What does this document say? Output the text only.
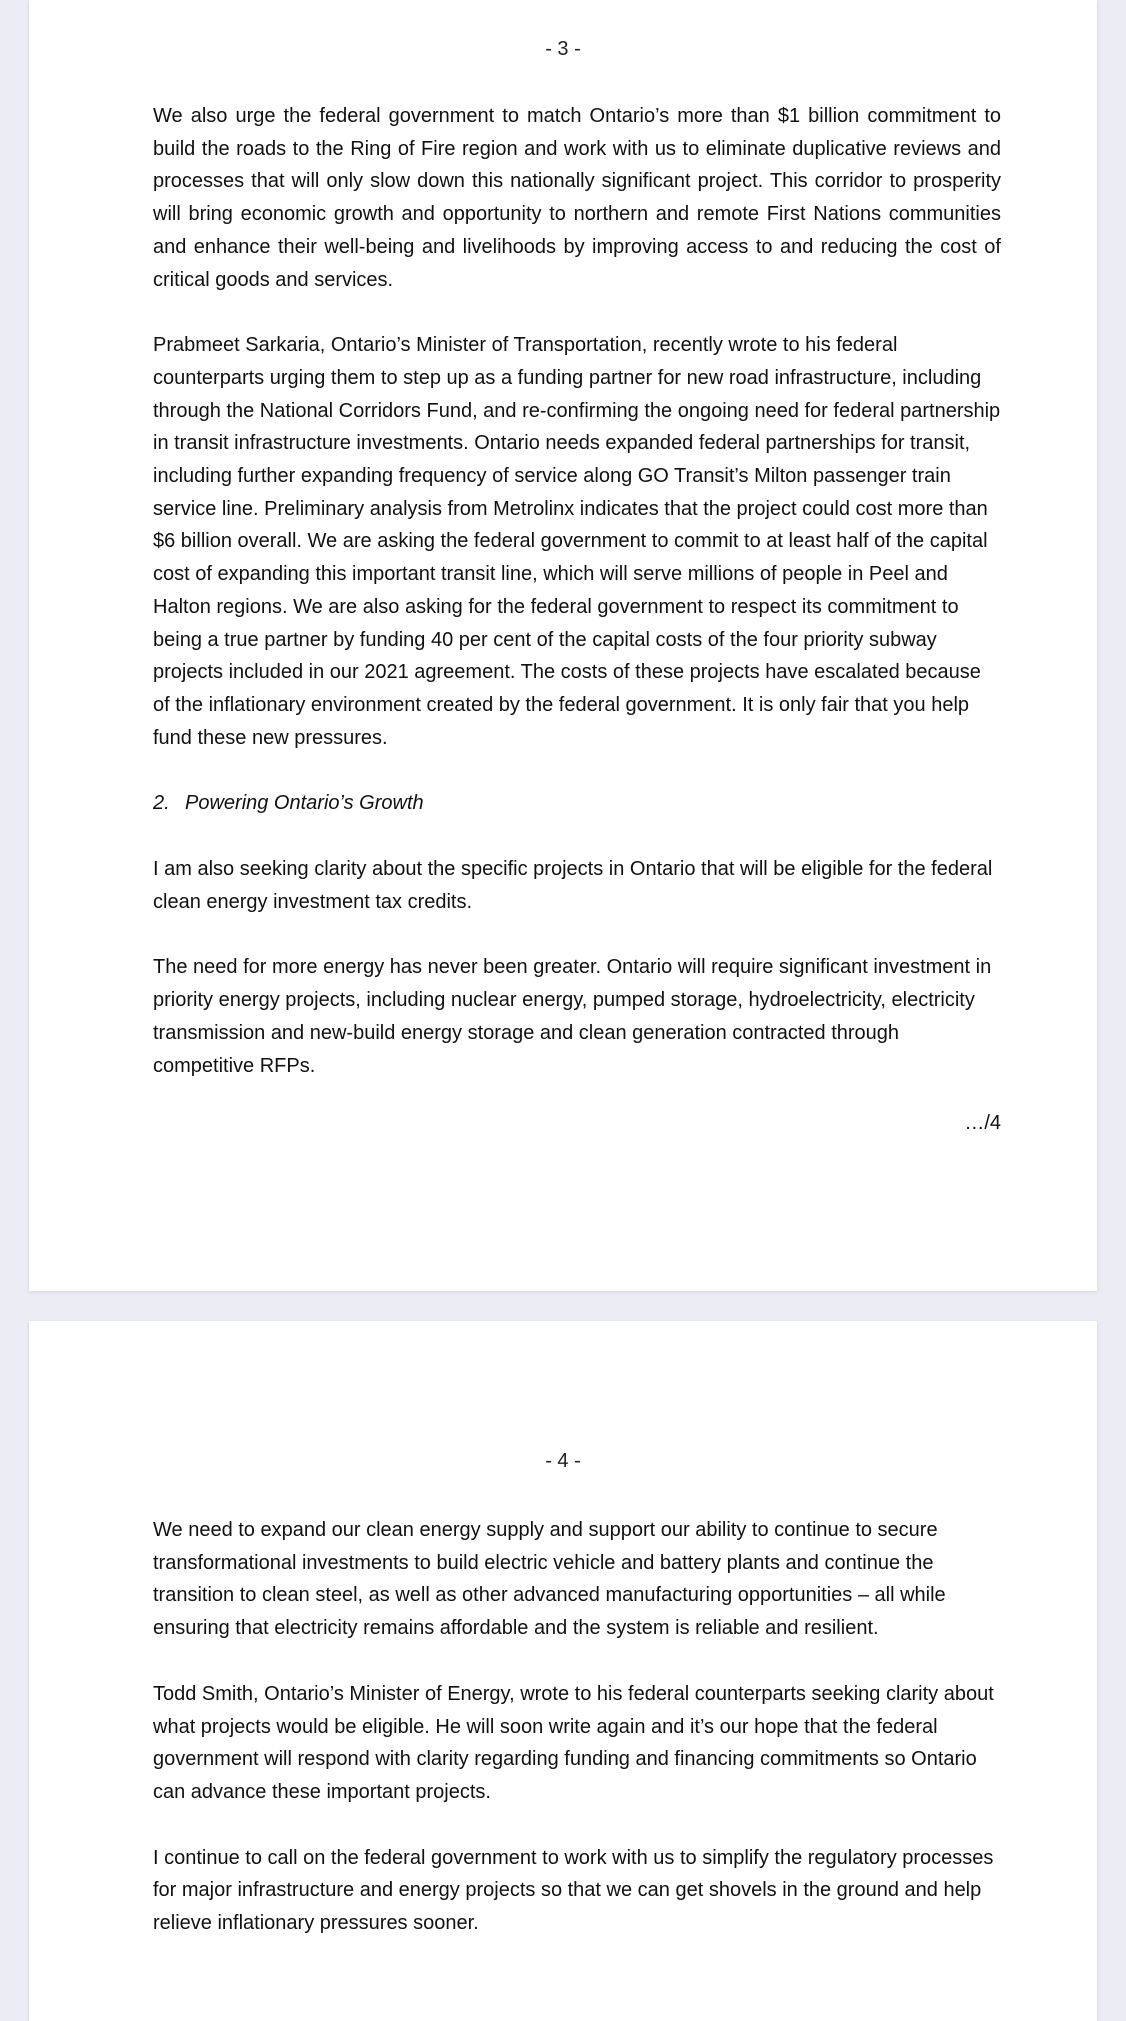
- 3 -

We also urge the federal government to match Ontario’s more than $1 billion commitment to build the roads to the Ring of Fire region and work with us to eliminate duplicative reviews and processes that will only slow down this nationally significant project. This corridor to prosperity will bring economic growth and opportunity to northern and remote First Nations communities and enhance their well-being and livelihoods by improving access to and reducing the cost of critical goods and services.

Prabmeet Sarkaria, Ontario’s Minister of Transportation, recently wrote to his federal counterparts urging them to step up as a funding partner for new road infrastructure, including through the National Corridors Fund, and re-confirming the ongoing need for federal partnership in transit infrastructure investments. Ontario needs expanded federal partnerships for transit, including further expanding frequency of service along GO Transit’s Milton passenger train service line. Preliminary analysis from Metrolinx indicates that the project could cost more than $6 billion overall. We are asking the federal government to commit to at least half of the capital cost of expanding this important transit line, which will serve millions of people in Peel and Halton regions. We are also asking for the federal government to respect its commitment to being a true partner by funding 40 per cent of the capital costs of the four priority subway projects included in our 2021 agreement. The costs of these projects have escalated because of the inflationary environment created by the federal government. It is only fair that you help fund these new pressures.

2. Powering Ontario’s Growth

I am also seeking clarity about the specific projects in Ontario that will be eligible for the federal clean energy investment tax credits.

The need for more energy has never been greater. Ontario will require significant investment in priority energy projects, including nuclear energy, pumped storage, hydroelectricity, electricity transmission and new-build energy storage and clean generation contracted through competitive RFPs.

…/4
- 4 -

We need to expand our clean energy supply and support our ability to continue to secure transformational investments to build electric vehicle and battery plants and continue the transition to clean steel, as well as other advanced manufacturing opportunities – all while ensuring that electricity remains affordable and the system is reliable and resilient.

Todd Smith, Ontario’s Minister of Energy, wrote to his federal counterparts seeking clarity about what projects would be eligible. He will soon write again and it’s our hope that the federal government will respond with clarity regarding funding and financing commitments so Ontario can advance these important projects.

I continue to call on the federal government to work with us to simplify the regulatory processes for major infrastructure and energy projects so that we can get shovels in the ground and help relieve inflationary pressures sooner.
